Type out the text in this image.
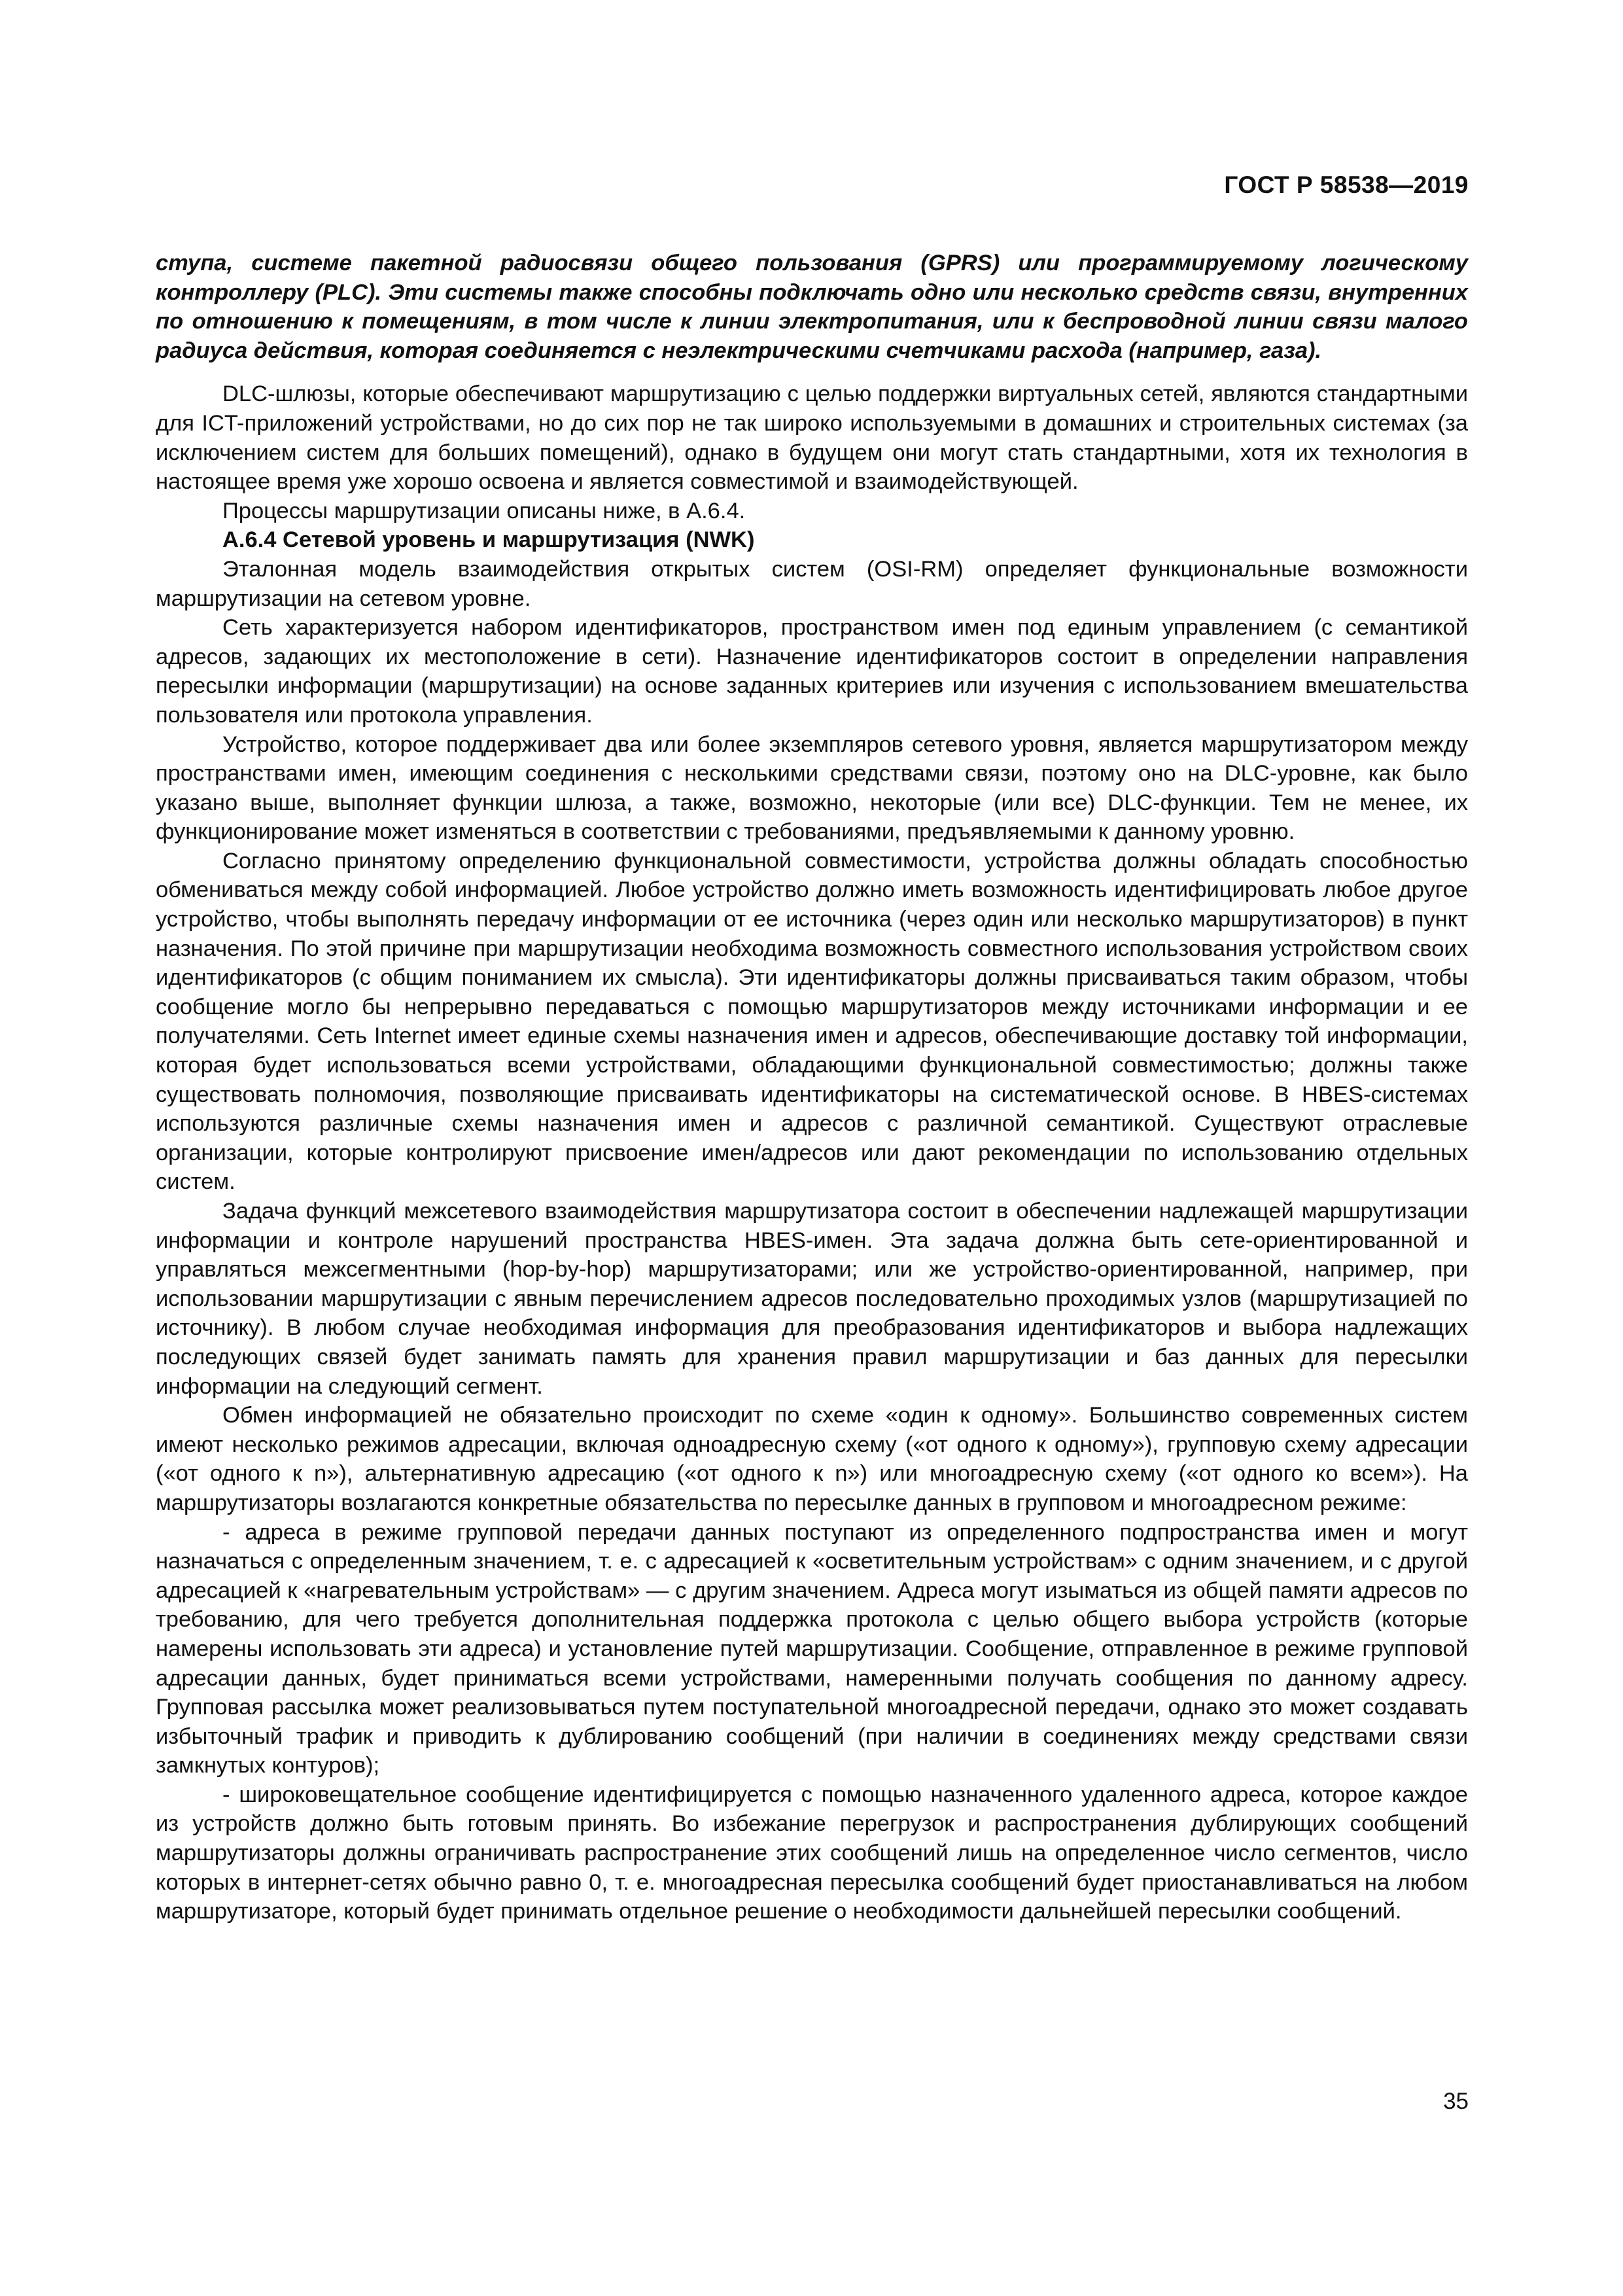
ГОСТ Р 58538—2019

ступа, системе пакетной радиосвязи общего пользования (GPRS) или программируемому логическому контроллеру (PLC). Эти системы также способны подключать одно или несколько средств связи, внутренних по отношению к помещениям, в том числе к линии электропитания, или к беспроводной линии связи малого радиуса действия, которая соединяется с неэлектрическими счетчиками расхода (например, газа).

DLC-шлюзы, которые обеспечивают маршрутизацию с целью поддержки виртуальных сетей, являются стандартными для ICT-приложений устройствами, но до сих пор не так широко используемыми в домашних и строительных системах (за исключением систем для больших помещений), однако в будущем они могут стать стандартными, хотя их технология в настоящее время уже хорошо освоена и является совместимой и взаимодействующей.

Процессы маршрутизации описаны ниже, в А.6.4.

А.6.4 Сетевой уровень и маршрутизация (NWK)

Эталонная модель взаимодействия открытых систем (OSI-RM) определяет функциональные возможности маршрутизации на сетевом уровне.

Сеть характеризуется набором идентификаторов, пространством имен под единым управлением (с семантикой адресов, задающих их местоположение в сети). Назначение идентификаторов состоит в определении направления пересылки информации (маршрутизации) на основе заданных критериев или изучения с использованием вмешательства пользователя или протокола управления.

Устройство, которое поддерживает два или более экземпляров сетевого уровня, является маршрутизатором между пространствами имен, имеющим соединения с несколькими средствами связи, поэтому оно на DLC-уровне, как было указано выше, выполняет функции шлюза, а также, возможно, некоторые (или все) DLC-функции. Тем не менее, их функционирование может изменяться в соответствии с требованиями, предъявляемыми к данному уровню.

Согласно принятому определению функциональной совместимости, устройства должны обладать способностью обмениваться между собой информацией. Любое устройство должно иметь возможность идентифицировать любое другое устройство, чтобы выполнять передачу информации от ее источника (через один или несколько маршрутизаторов) в пункт назначения. По этой причине при маршрутизации необходима возможность совместного использования устройством своих идентификаторов (с общим пониманием их смысла). Эти идентификаторы должны присваиваться таким образом, чтобы сообщение могло бы непрерывно передаваться с помощью маршрутизаторов между источниками информации и ее получателями. Сеть Internet имеет единые схемы назначения имен и адресов, обеспечивающие доставку той информации, которая будет использоваться всеми устройствами, обладающими функциональной совместимостью; должны также существовать полномочия, позволяющие присваивать идентификаторы на систематической основе. В HBES-системах используются различные схемы назначения имен и адресов с различной семантикой. Существуют отраслевые организации, которые контролируют присвоение имен/адресов или дают рекомендации по использованию отдельных систем.

Задача функций межсетевого взаимодействия маршрутизатора состоит в обеспечении надлежащей маршрутизации информации и контроле нарушений пространства HBES-имен. Эта задача должна быть сете-ориентированной и управляться межсегментными (hop-by-hop) маршрутизаторами; или же устройство-ориентированной, например, при использовании маршрутизации с явным перечислением адресов последовательно проходимых узлов (маршрутизацией по источнику). В любом случае необходимая информация для преобразования идентификаторов и выбора надлежащих последующих связей будет занимать память для хранения правил маршрутизации и баз данных для пересылки информации на следующий сегмент.

Обмен информацией не обязательно происходит по схеме «один к одному». Большинство современных систем имеют несколько режимов адресации, включая одноадресную схему («от одного к одному»), групповую схему адресации («от одного к n»), альтернативную адресацию («от одного к n») или многоадресную схему («от одного ко всем»). На маршрутизаторы возлагаются конкретные обязательства по пересылке данных в групповом и многоадресном режиме:

- адреса в режиме групповой передачи данных поступают из определенного подпространства имен и могут назначаться с определенным значением, т. е. с адресацией к «осветительным устройствам» с одним значением, и с другой адресацией к «нагревательным устройствам» — с другим значением. Адреса могут изыматься из общей памяти адресов по требованию, для чего требуется дополнительная поддержка протокола с целью общего выбора устройств (которые намерены использовать эти адреса) и установление путей маршрутизации. Сообщение, отправленное в режиме групповой адресации данных, будет приниматься всеми устройствами, намеренными получать сообщения по данному адресу. Групповая рассылка может реализовываться путем поступательной многоадресной передачи, однако это может создавать избыточный трафик и приводить к дублированию сообщений (при наличии в соединениях между средствами связи замкнутых контуров);

- широковещательное сообщение идентифицируется с помощью назначенного удаленного адреса, которое каждое из устройств должно быть готовым принять. Во избежание перегрузок и распространения дублирующих сообщений маршрутизаторы должны ограничивать распространение этих сообщений лишь на определенное число сегментов, число которых в интернет-сетях обычно равно 0, т. е. многоадресная пересылка сообщений будет приостанавливаться на любом маршрутизаторе, который будет принимать отдельное решение о необходимости дальнейшей пересылки сообщений.

35
